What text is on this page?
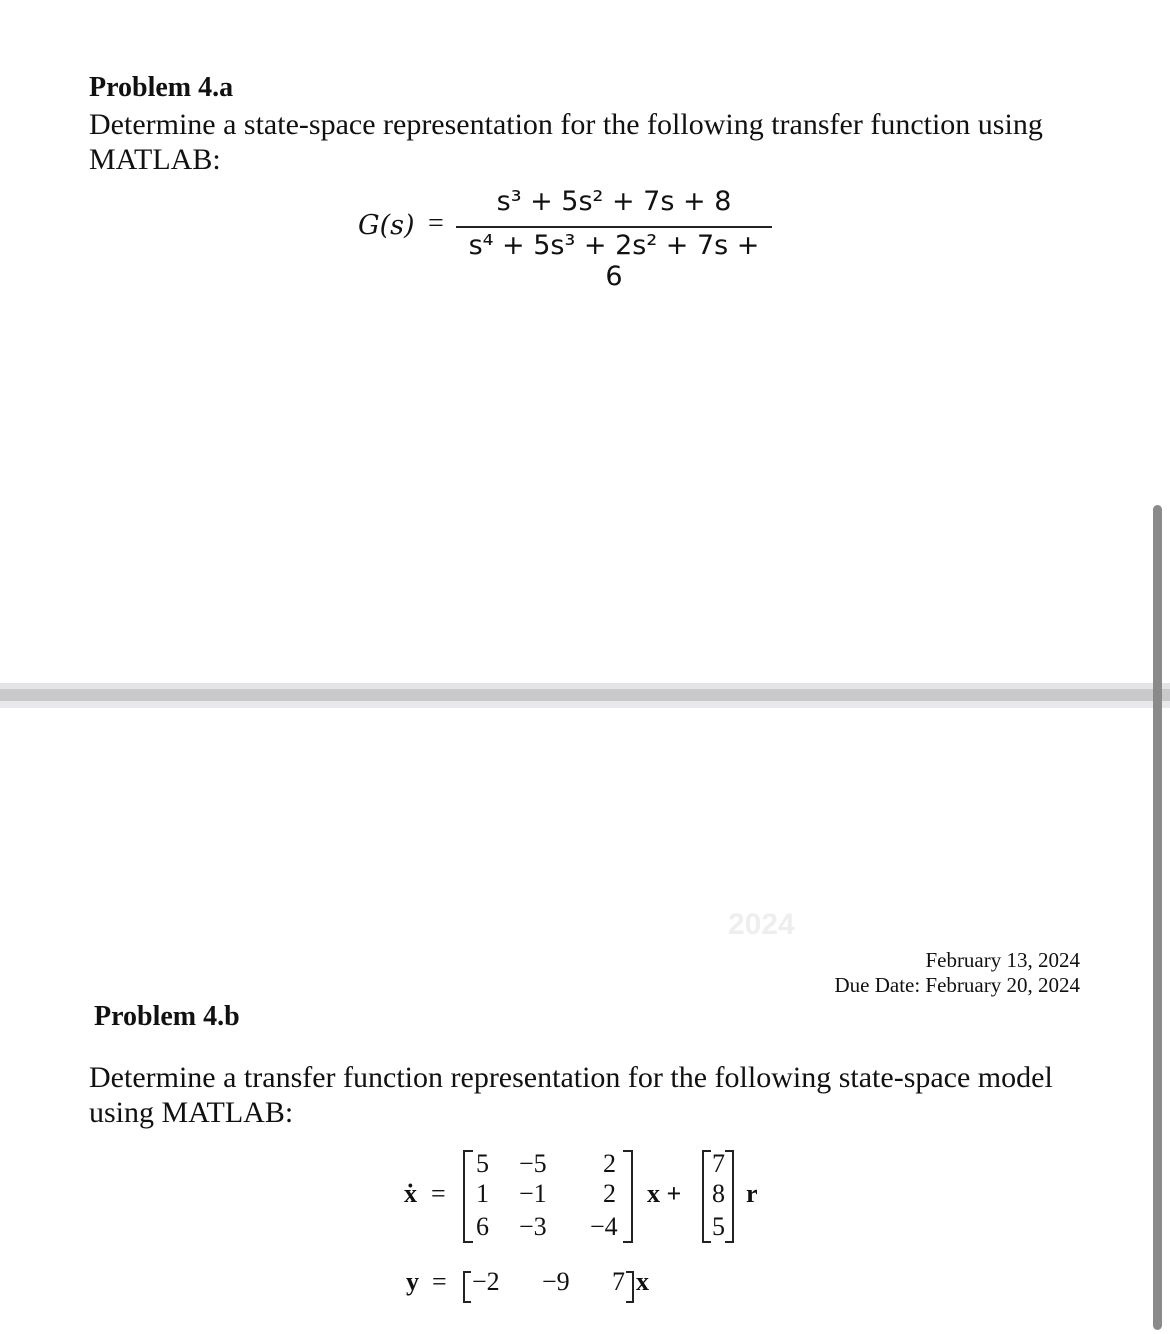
Problem 4.a
Determine a state-space representation for the following transfer function using
MATLAB:
G(s) =
s³ + 5s² + 7s + 8
s⁴ + 5s³ + 2s² + 7s + 6
2024
February 13, 2024
Due Date: February 20, 2024
Problem 4.b
Determine a transfer function representation for the following state-space model
using MATLAB:
ẋ =
5 −5 2
1 −1 2
6 −3 −4
x +
7
8
5
r
y = −2 −9 7 x
